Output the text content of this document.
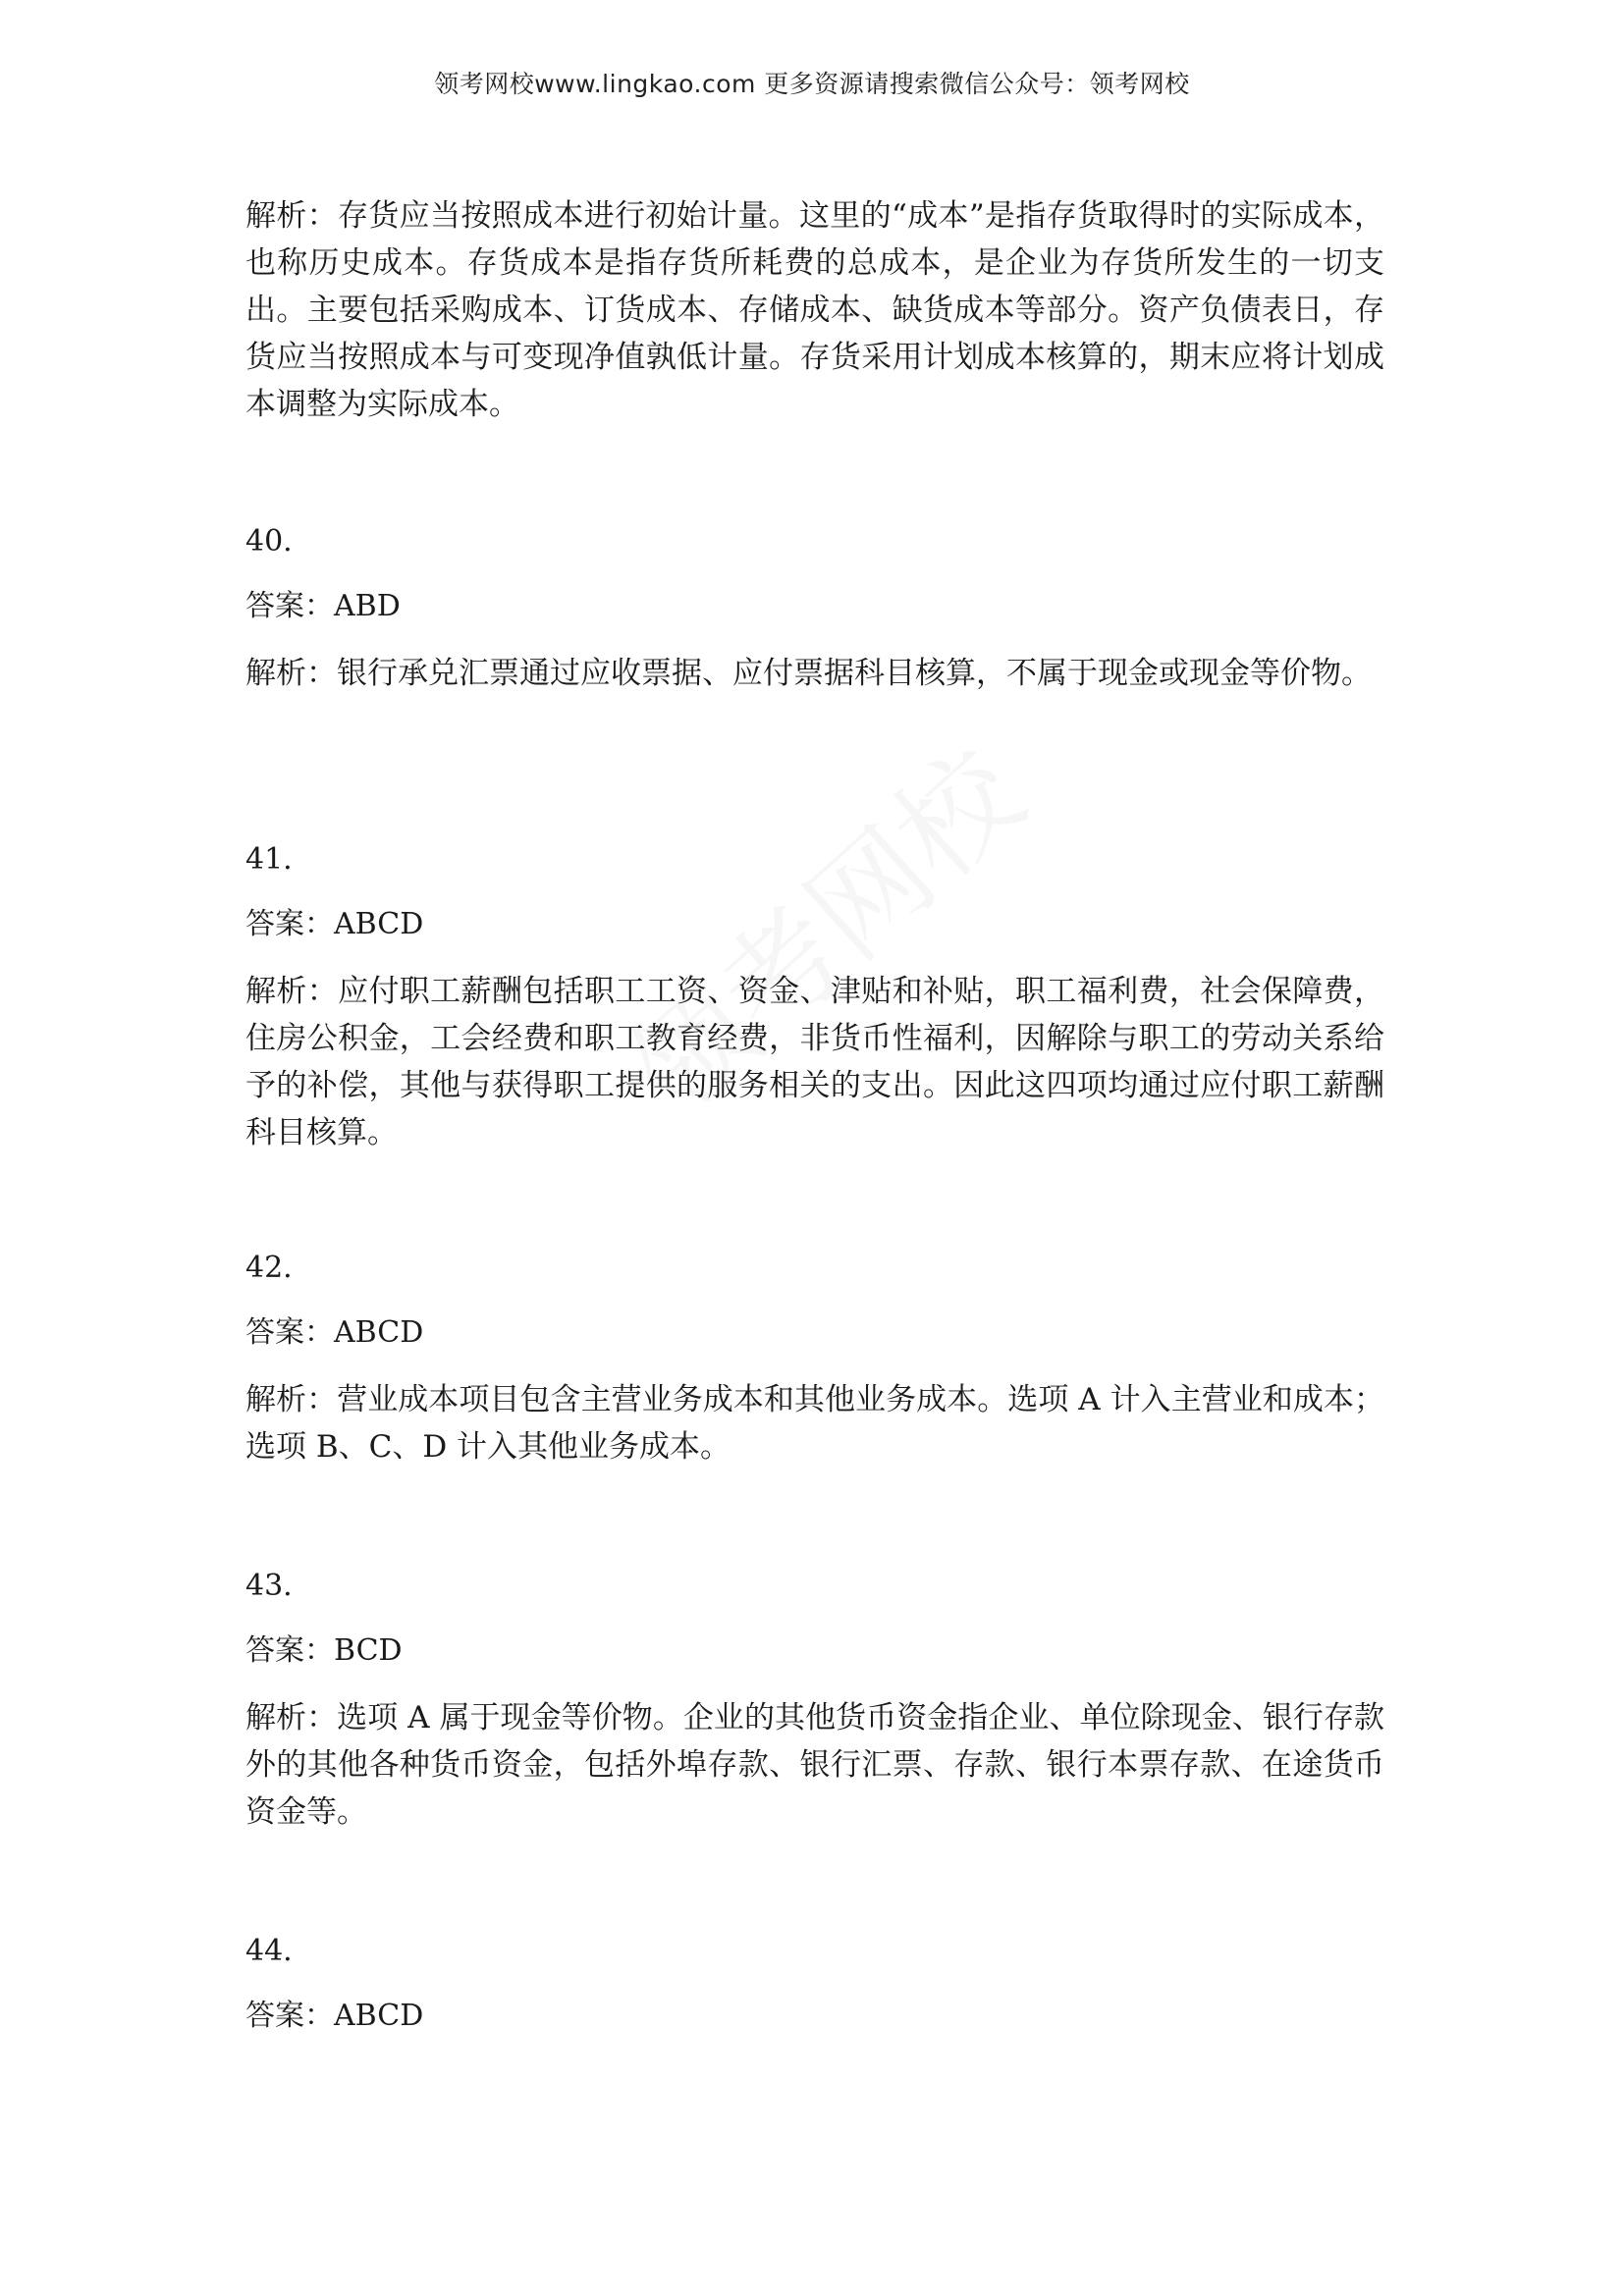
领考网校www.lingkao.com 更多资源请搜索微信公众号：领考网校

解析：存货应当按照成本进行初始计量。这里的“成本”是指存货取得时的实际成本，也称历史成本。存货成本是指存货所耗费的总成本，是企业为存货所发生的一切支出。主要包括采购成本、订货成本、存储成本、缺货成本等部分。资产负债表日，存货应当按照成本与可变现净值孰低计量。存货采用计划成本核算的，期末应将计划成本调整为实际成本。

40.

答案：ABD

解析：银行承兑汇票通过应收票据、应付票据科目核算，不属于现金或现金等价物。

41.

答案：ABCD

解析：应付职工薪酬包括职工工资、资金、津贴和补贴，职工福利费，社会保障费，住房公积金，工会经费和职工教育经费，非货币性福利，因解除与职工的劳动关系给予的补偿，其他与获得职工提供的服务相关的支出。因此这四项均通过应付职工薪酬科目核算。

42.

答案：ABCD

解析：营业成本项目包含主营业务成本和其他业务成本。选项 A 计入主营业和成本；选项 B、C、D 计入其他业务成本。

43.

答案：BCD

解析：选项 A 属于现金等价物。企业的其他货币资金指企业、单位除现金、银行存款外的其他各种货币资金，包括外埠存款、银行汇票、存款、银行本票存款、在途货币资金等。

44.

答案：ABCD
